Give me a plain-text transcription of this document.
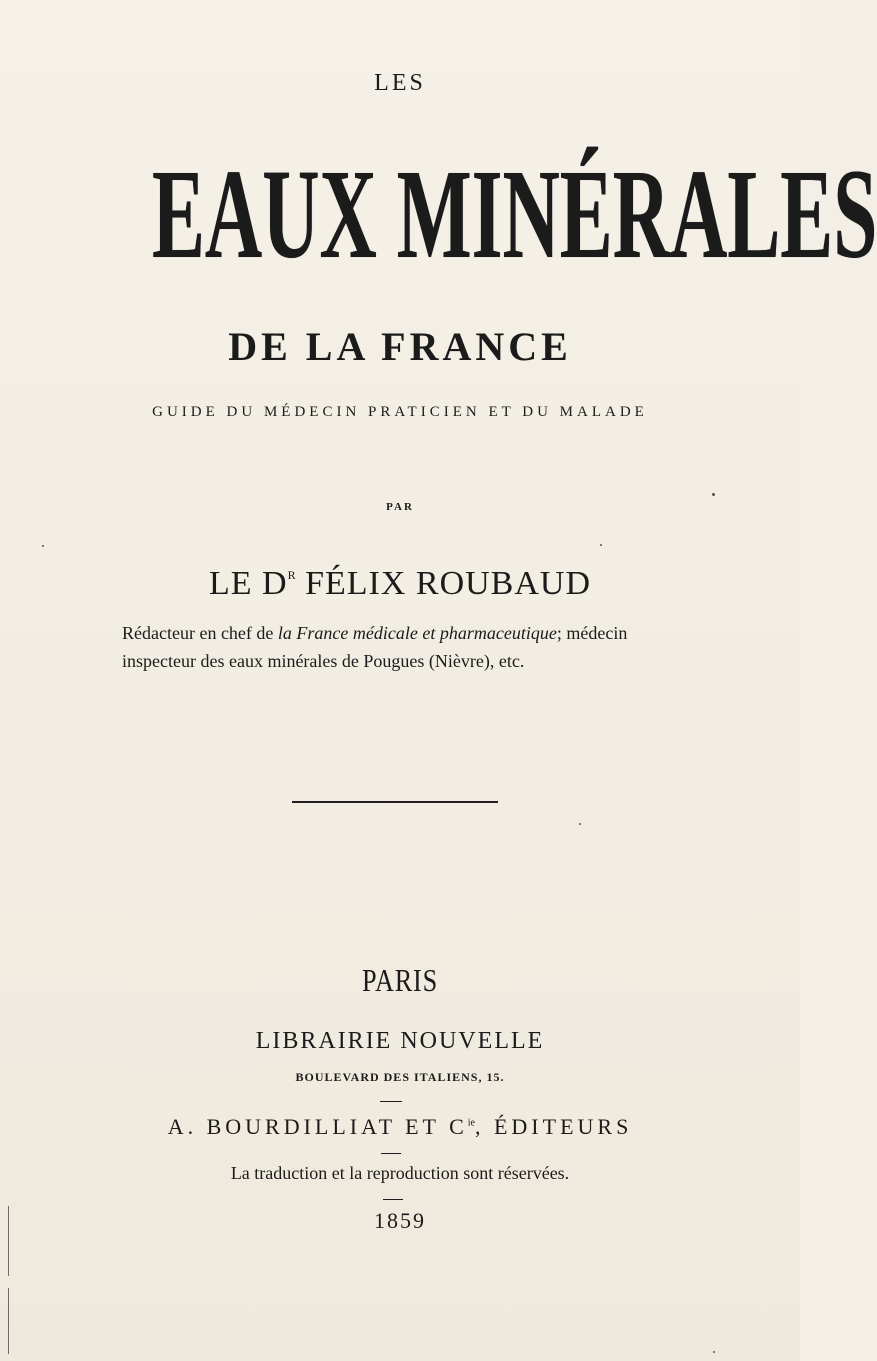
LES
EAUX MINÉRALES
DE LA FRANCE
GUIDE DU MÉDECIN PRATICIEN ET DU MALADE
PAR
LE $D^R$ FÉLIX ROUBAUD
Rédacteur en chef de la France médicale et pharmaceutique; médecin
inspecteur des eaux minérales de Pougues (Nièvre), etc.
PARIS
LIBRAIRIE NOUVELLE
BOULEVARD DES ITALIENS, 15.
A. BOURDILLIAT ET $C^{ie}$, ÉDITEURS
La traduction et la reproduction sont réservées.
1859
